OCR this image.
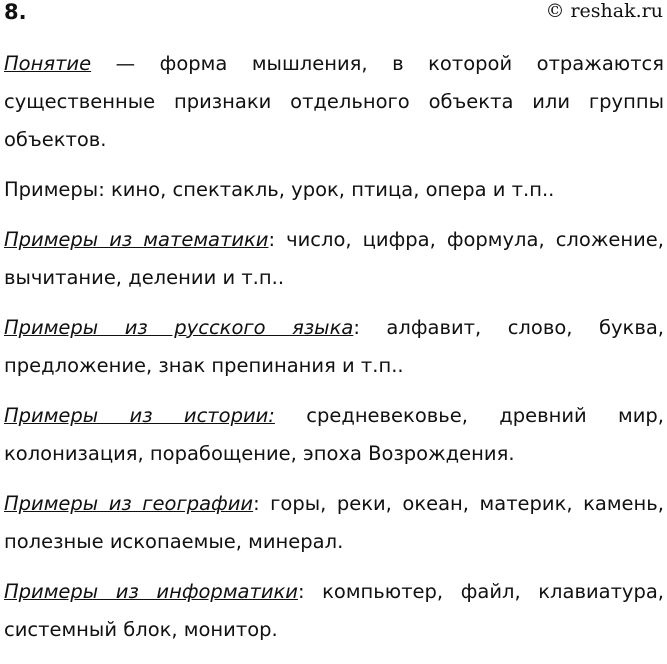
8.	© reshak.ru

Понятие — форма мышления, в которой отражаются существенные признаки отдельного объекта или группы объектов.

Примеры: кино, спектакль, урок, птица, опера и т.п..

Примеры из математики: число, цифра, формула, сложение, вычитание, делении и т.п..

Примеры из русского языка: алфавит, слово, буква, предложение, знак препинания и т.п..

Примеры из истории: средневековье, древний мир, колонизация, порабощение, эпоха Возрождения.

Примеры из географии: горы, реки, океан, материк, камень, полезные ископаемые, минерал.

Примеры из информатики: компьютер, файл, клавиатура, системный блок, монитор.
